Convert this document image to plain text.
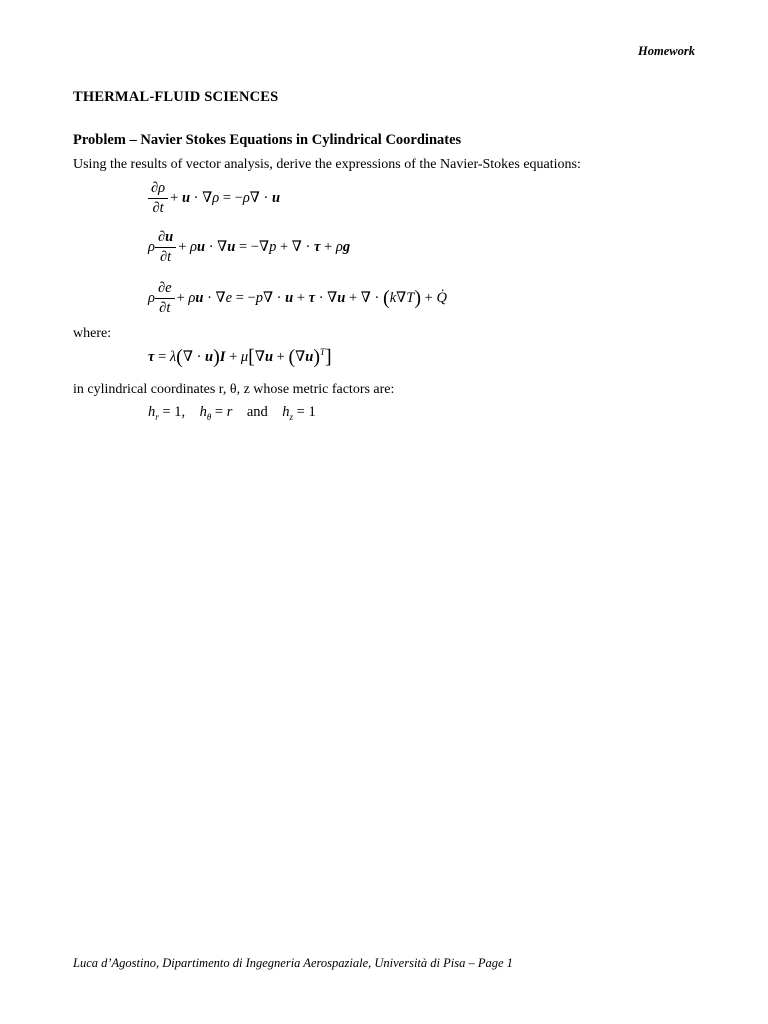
Homework
THERMAL-FLUID SCIENCES
Problem – Navier Stokes Equations in Cylindrical Coordinates
Using the results of vector analysis, derive the expressions of the Navier-Stokes equations:
$\frac{\partial\rho}{\partial t} + u \cdot \nabla\rho = -\rho\nabla \cdot u$
ρ $\frac{\partial u}{\partial t} + \rho u \cdot \nabla u = -\nabla p$ + ∇ · τ + ρg
ρ $\frac{\partial e}{\partial t} + \rho u \cdot \nabla e = -p\nabla \cdot u + \tau \cdot \nabla u$ + ∇ · (k∇T) + Q̇
where:
$\tau = \lambda(\nabla \cdot u)I + \mu[\nabla u + (\nabla u)^T]$
in cylindrical coordinates r, θ, z whose metric factors are:
$h_r = 1$,    $h_\theta = r$ and $h_z = 1$
Luca d’Agostino, Dipartimento di Ingegneria Aerospaziale, Università di Pisa – Page 1
